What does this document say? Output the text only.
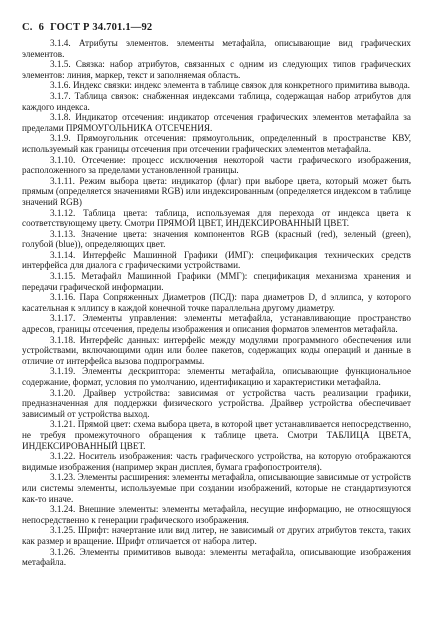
С. 6 ГОСТ Р 34.701.1—92

3.1.4. Атрибуты элементов. элементы метафайла, описывающие вид графических элементов.

3.1.5. Связка: набор атрибутов, связанных с одним из следующих типов графических элементов: линия, маркер, текст и заполняемая область.

3.1.6. Индекс связки: индекс элемента в таблице связок для конкретного примитива вывода.

3.1.7. Таблица связок: снабженная индексами таблица, содержащая набор атрибутов для каждого индекса.

3.1.8. Индикатор отсечения: индикатор отсечения графических элементов метафайла за пределами ПРЯМОУГОЛЬНИКА ОТСЕЧЕНИЯ.

3.1.9. Прямоугольник отсечения: прямоугольник, определенный в пространстве КВУ, используемый как границы отсечения при отсечении графических элементов метафайла.

3.1.10. Отсечение: процесс исключения некоторой части графического изображения, расположенного за пределами установленной границы.

3.1.11. Режим выбора цвета: индикатор (флаг) при выборе цвета, который может быть прямым (определяется значениями RGB) или индексированным (определяется индексом в таблице значений RGB)

3.1.12. Таблица цвета: таблица, используемая для перехода от индекса цвета к соответствующему цвету. Смотри ПРЯМОЙ ЦВЕТ, ИНДЕКСИРОВАННЫЙ ЦВЕТ.

3.1.13. Значение цвета: значения компонентов RGB (красный (red), зеленый (green), голубой (blue)), определяющих цвет.

3.1.14. Интерфейс Машинной Графики (ИМГ): спецификация технических средств интерфейса для диалога с графическими устройствами.

3.1.15. Метафайл Машинной Графики (ММГ): спецификация механизма хранения и передачи графической информации.

3.1.16. Пара Сопряженных Диаметров (ПСД): пара диаметров D, d эллипса, у которого касательная к эллипсу в каждой конечной точке параллельна другому диаметру.

3.1.17. Элементы управления: элементы метафайла, устанавливающие пространство адресов, границы отсечения, пределы изображения и описания форматов элементов метафайла.

3.1.18. Интерфейс данных: интерфейс между модулями программного обеспечения или устройствами, включающими один или более пакетов, содержащих коды операций и данные в отличие от интерфейса вызова подпрограммы.

3.1.19. Элементы дескриптора: элементы метафайла, описывающие функциональное содержание, формат, условия по умолчанию, идентификацию и характеристики метафайла.

3.1.20. Драйвер устройства: зависимая от устройства часть реализации графики, предназначенная для поддержки физического устройства. Драйвер устройства обеспечивает зависимый от устройства выход.

3.1.21. Прямой цвет: схема выбора цвета, в которой цвет устанавливается непосредственно, не требуя промежуточного обращения к таблице цвета. Смотри ТАБЛИЦА ЦВЕТА, ИНДЕКСИРОВАННЫЙ ЦВЕТ.

3.1.22. Носитель изображения: часть графического устройства, на которую отображаются видимые изображения (например экран дисплея, бумага графопостроителя).

3.1.23. Элементы расширения: элементы метафайла, описывающие зависимые от устройств или системы элементы, используемые при создании изображений, которые не стандартизуются как-то иначе.

3.1.24. Внешние элементы: элементы метафайла, несущие информацию, не относящуюся непосредственно к генерации графического изображения.

3.1.25. Шрифт: начертание или вид литер, не зависимый от других атрибутов текста, таких как размер и вращение. Шрифт отличается от набора литер.

3.1.26. Элементы примитивов вывода: элементы метафайла, описывающие изображения метафайла.
